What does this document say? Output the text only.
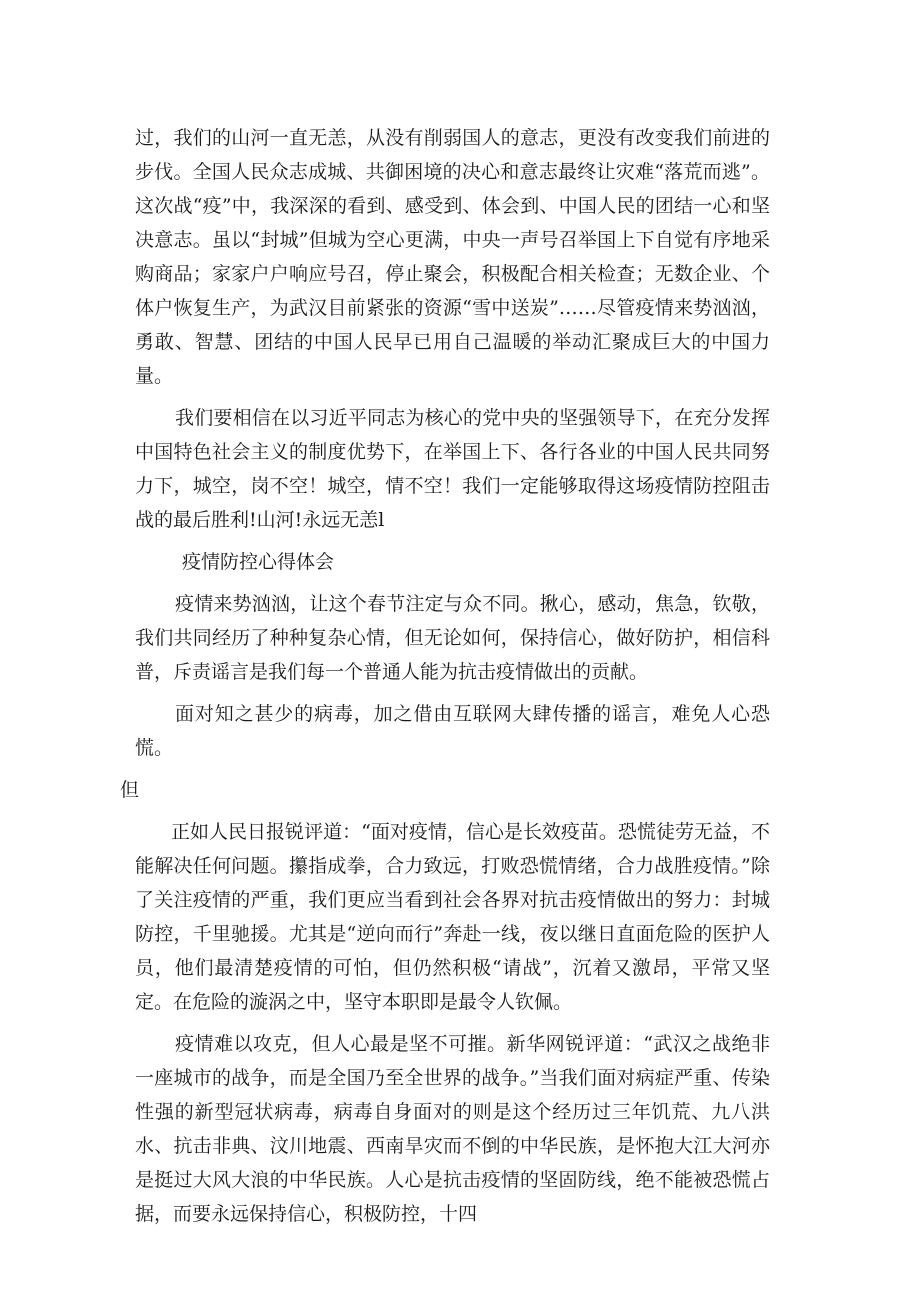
过，我们的山河一直无恙，从没有削弱国人的意志，更没有改变我们前进的步伐。全国人民众志成城、共御困境的决心和意志最终让灾难“落荒而逃”。这次战“疫”中，我深深的看到、感受到、体会到、中国人民的团结一心和坚决意志。虽以“封城”但城为空心更满，中央一声号召举国上下自觉有序地采购商品；家家户户响应号召，停止聚会，积极配合相关检查；无数企业、个体户恢复生产，为武汉目前紧张的资源“雪中送炭”……尽管疫情来势汹汹，勇敢、智慧、团结的中国人民早已用自己温暖的举动汇聚成巨大的中国力量。

我们要相信在以习近平同志为核心的党中央的坚强领导下，在充分发挥中国特色社会主义的制度优势下，在举国上下、各行各业的中国人民共同努力下，城空，岗不空！城空，情不空！我们一定能够取得这场疫情防控阻击战的最后胜利!山河!永远无恙l

疫情防控心得体会

疫情来势汹汹，让这个春节注定与众不同。揪心，感动，焦急，钦敬，我们共同经历了种种复杂心情，但无论如何，保持信心，做好防护，相信科普，斥责谣言是我们每一个普通人能为抗击疫情做出的贡献。

面对知之甚少的病毒，加之借由互联网大肆传播的谣言，难免人心恐慌。

但

正如人民日报锐评道：“面对疫情，信心是长效疫苗。恐慌徒劳无益，不能解决任何问题。攥指成拳，合力致远，打败恐慌情绪，合力战胜疫情。”除了关注疫情的严重，我们更应当看到社会各界对抗击疫情做出的努力：封城防控，千里驰援。尤其是“逆向而行”奔赴一线，夜以继日直面危险的医护人员，他们最清楚疫情的可怕，但仍然积极“请战”，沉着又激昂，平常又坚定。在危险的漩涡之中，坚守本职即是最令人钦佩。

疫情难以攻克，但人心最是坚不可摧。新华网锐评道：“武汉之战绝非一座城市的战争，而是全国乃至全世界的战争。”当我们面对病症严重、传染性强的新型冠状病毒，病毒自身面对的则是这个经历过三年饥荒、九八洪水、抗击非典、汶川地震、西南旱灾而不倒的中华民族，是怀抱大江大河亦是挺过大风大浪的中华民族。人心是抗击疫情的坚固防线，绝不能被恐慌占据，而要永远保持信心，积极防控，十四
